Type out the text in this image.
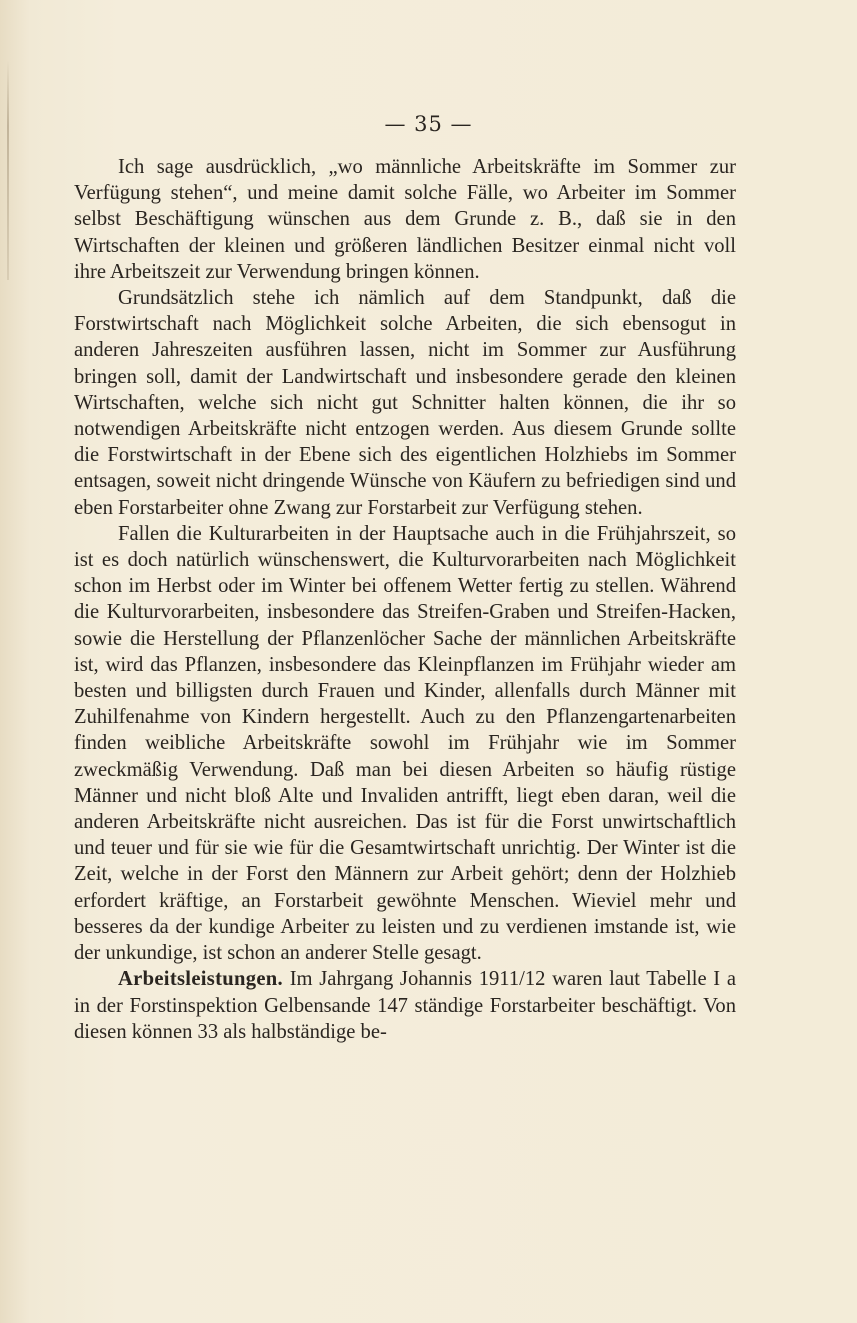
— 35 —

Ich sage ausdrücklich, „wo männliche Arbeitskräfte im Sommer zur Verfügung stehen“, und meine damit solche Fälle, wo Arbeiter im Sommer selbst Beschäftigung wünschen aus dem Grunde z. B., daß sie in den Wirtschaften der kleinen und größeren ländlichen Besitzer einmal nicht voll ihre Arbeitszeit zur Verwendung bringen können.

Grundsätzlich stehe ich nämlich auf dem Standpunkt, daß die Forstwirtschaft nach Möglichkeit solche Arbeiten, die sich ebensogut in anderen Jahreszeiten ausführen lassen, nicht im Sommer zur Ausführung bringen soll, damit der Landwirtschaft und insbesondere gerade den kleinen Wirtschaften, welche sich nicht gut Schnitter halten können, die ihr so notwendigen Arbeitskräfte nicht entzogen werden. Aus diesem Grunde sollte die Forstwirtschaft in der Ebene sich des eigentlichen Holzhiebs im Sommer entsagen, soweit nicht dringende Wünsche von Käufern zu befriedigen sind und eben Forstarbeiter ohne Zwang zur Forstarbeit zur Verfügung stehen.

Fallen die Kulturarbeiten in der Hauptsache auch in die Frühjahrszeit, so ist es doch natürlich wünschenswert, die Kulturvorarbeiten nach Möglichkeit schon im Herbst oder im Winter bei offenem Wetter fertig zu stellen. Während die Kulturvorarbeiten, insbesondere das Streifen-Graben und Streifen-Hacken, sowie die Herstellung der Pflanzenlöcher Sache der männlichen Arbeitskräfte ist, wird das Pflanzen, insbesondere das Kleinpflanzen im Frühjahr wieder am besten und billigsten durch Frauen und Kinder, allenfalls durch Männer mit Zuhilfenahme von Kindern hergestellt. Auch zu den Pflanzengartenarbeiten finden weibliche Arbeitskräfte sowohl im Frühjahr wie im Sommer zweckmäßig Verwendung. Daß man bei diesen Arbeiten so häufig rüstige Männer und nicht bloß Alte und Invaliden antrifft, liegt eben daran, weil die anderen Arbeitskräfte nicht ausreichen. Das ist für die Forst unwirtschaftlich und teuer und für sie wie für die Gesamtwirtschaft unrichtig. Der Winter ist die Zeit, welche in der Forst den Männern zur Arbeit gehört; denn der Holzhieb erfordert kräftige, an Forstarbeit gewöhnte Menschen. Wieviel mehr und besseres da der kundige Arbeiter zu leisten und zu verdienen imstande ist, wie der unkundige, ist schon an anderer Stelle gesagt.

Arbeitsleistungen. Im Jahrgang Johannis 1911/12 waren laut Tabelle I a in der Forstinspektion Gelbensande 147 ständige Forstarbeiter beschäftigt. Von diesen können 33 als halbständige be-
